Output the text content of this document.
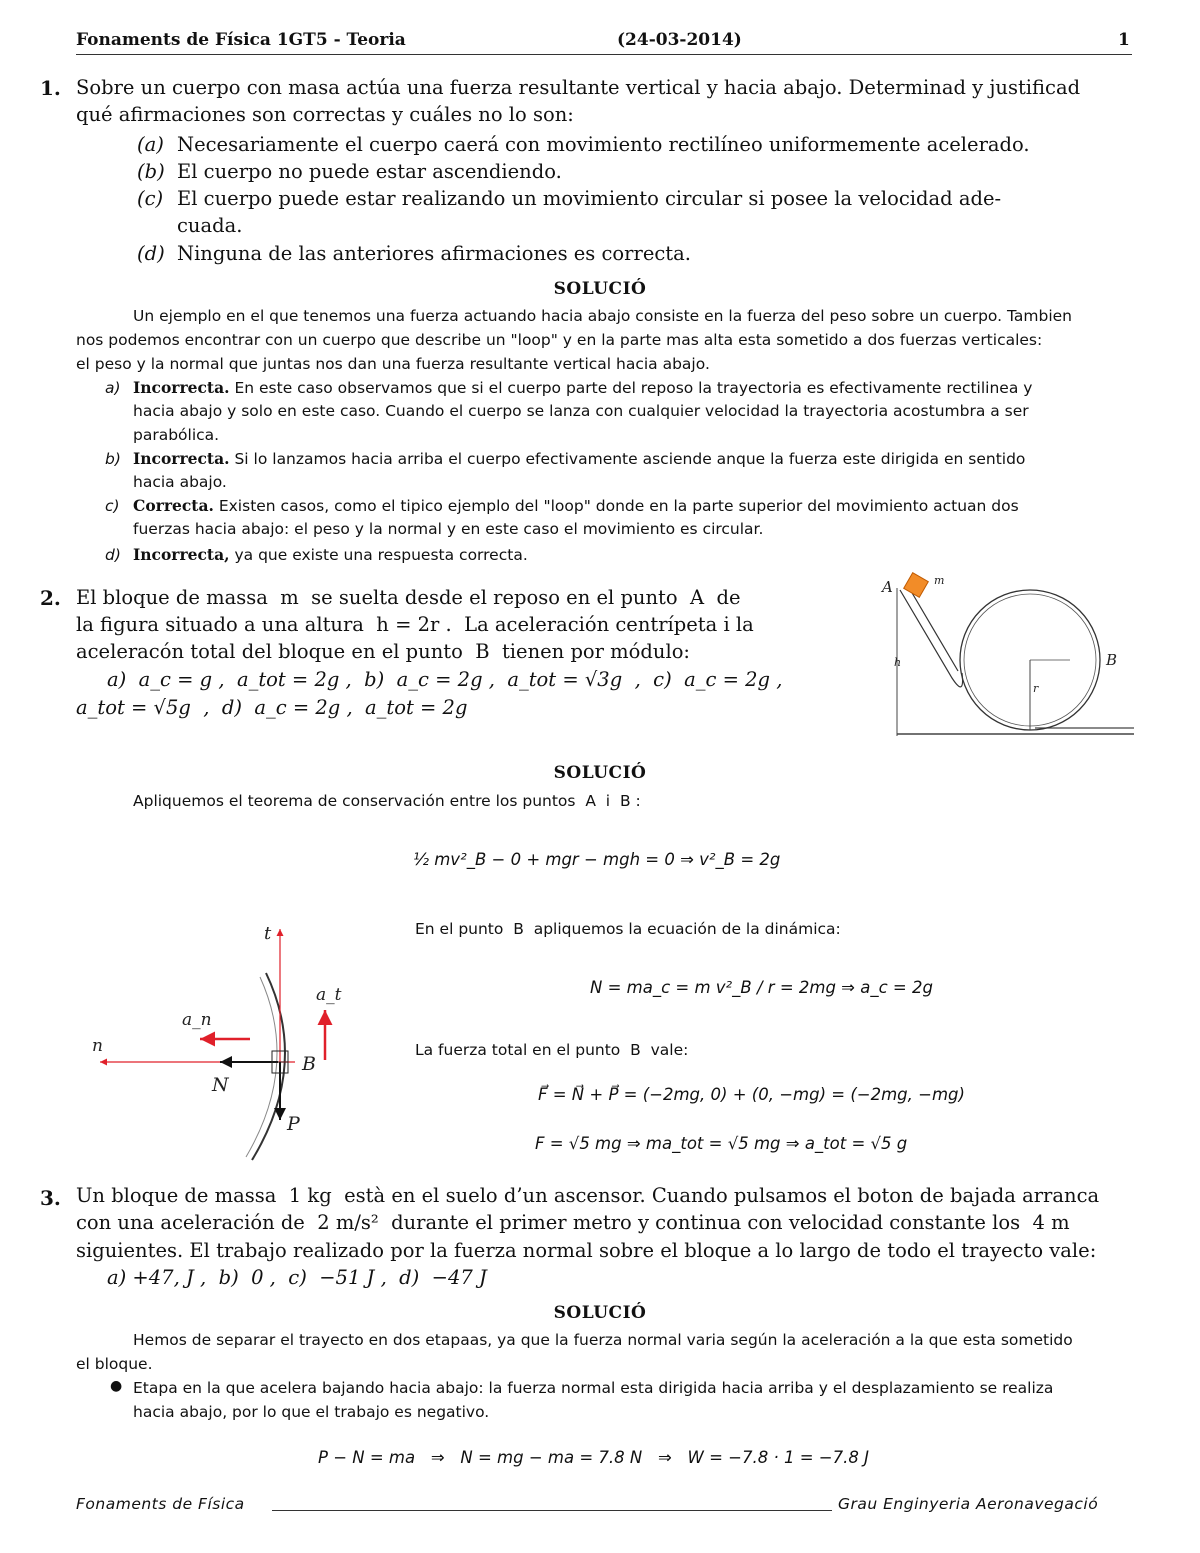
Fonaments de Física 1GT5 - Teoria	(24-03-2014)	1
1. Sobre un cuerpo con masa actúa una fuerza resultante vertical y hacia abajo. Determinad y justificad
qué afirmaciones son correctas y cuáles no lo son:
(a) Necesariamente el cuerpo caerá con movimiento rectilíneo uniformemente acelerado.
(b) El cuerpo no puede estar ascendiendo.
(c) El cuerpo puede estar realizando un movimiento circular si posee la velocidad ade-
cuada.
(d) Ninguna de las anteriores afirmaciones es correcta.
SOLUCIÓ
Un ejemplo en el que tenemos una fuerza actuando hacia abajo consiste en la fuerza del peso sobre un cuerpo. Tambien
nos podemos encontrar con un cuerpo que describe un "loop" y en la parte mas alta esta sometido a dos fuerzas verticales:
el peso y la normal que juntas nos dan una fuerza resultante vertical hacia abajo.
a) Incorrecta. En este caso observamos que si el cuerpo parte del reposo la trayectoria es efectivamente rectilinea y
hacia abajo y solo en este caso. Cuando el cuerpo se lanza con cualquier velocidad la trayectoria acostumbra a ser
parabólica.
b) Incorrecta. Si lo lanzamos hacia arriba el cuerpo efectivamente asciende anque la fuerza este dirigida en sentido
hacia abajo.
c) Correcta. Existen casos, como el tipico ejemplo del "loop" donde en la parte superior del movimiento actuan dos
fuerzas hacia abajo: el peso y la normal y en este caso el movimiento es circular.
d) Incorrecta, ya que existe una respuesta correcta.
2. El bloque de massa  m  se suelta desde el reposo en el punto  A  de
la figura situado a una altura  h = 2r .  La aceleración centrípeta i la
aceleracón total del bloque en el punto  B  tienen por módulo:
a)  a_c = g ,  a_tot = 2g ,  b)  a_c = 2g ,  a_tot = √3g  ,  c)  a_c = 2g ,
a_tot = √5g  ,  d)  a_c = 2g ,  a_tot = 2g
A	m
h
r
B
SOLUCIÓ
Apliquemos el teorema de conservación entre los puntos  A  i  B :
½ mv²_B − 0 + mgr − mgh = 0 ⇒ v²_B = 2g
En el punto  B  apliquemos la ecuación de la dinámica:
N = ma_c = m v²_B / r = 2mg ⇒ a_c = 2g
La fuerza total en el punto  B  vale:
F⃗ = N⃗ + P⃗ = (−2mg, 0) + (0, −mg) = (−2mg, −mg)
F = √5 mg ⇒ ma_tot = √5 mg ⇒ a_tot = √5 g
t
a_t
a_n
n
N
B
P
3. Un bloque de massa  1 kg  està en el suelo d’un ascensor. Cuando pulsamos el boton de bajada arranca
con una aceleración de  2 m/s²  durante el primer metro y continua con velocidad constante los  4 m
siguientes. El trabajo realizado por la fuerza normal sobre el bloque a lo largo de todo el trayecto vale:
a) +47, J ,  b)  0 ,  c)  −51 J ,  d)  −47 J
SOLUCIÓ
Hemos de separar el trayecto en dos etapaas, ya que la fuerza normal varia según la aceleración a la que esta sometido
el bloque.
● Etapa en la que acelera bajando hacia abajo: la fuerza normal esta dirigida hacia arriba y el desplazamiento se realiza
hacia abajo, por lo que el trabajo es negativo.
P − N = ma   ⇒   N = mg − ma = 7.8 N   ⇒   W = −7.8 · 1 = −7.8 J
Fonaments de Física	Grau Enginyeria Aeronavegació
